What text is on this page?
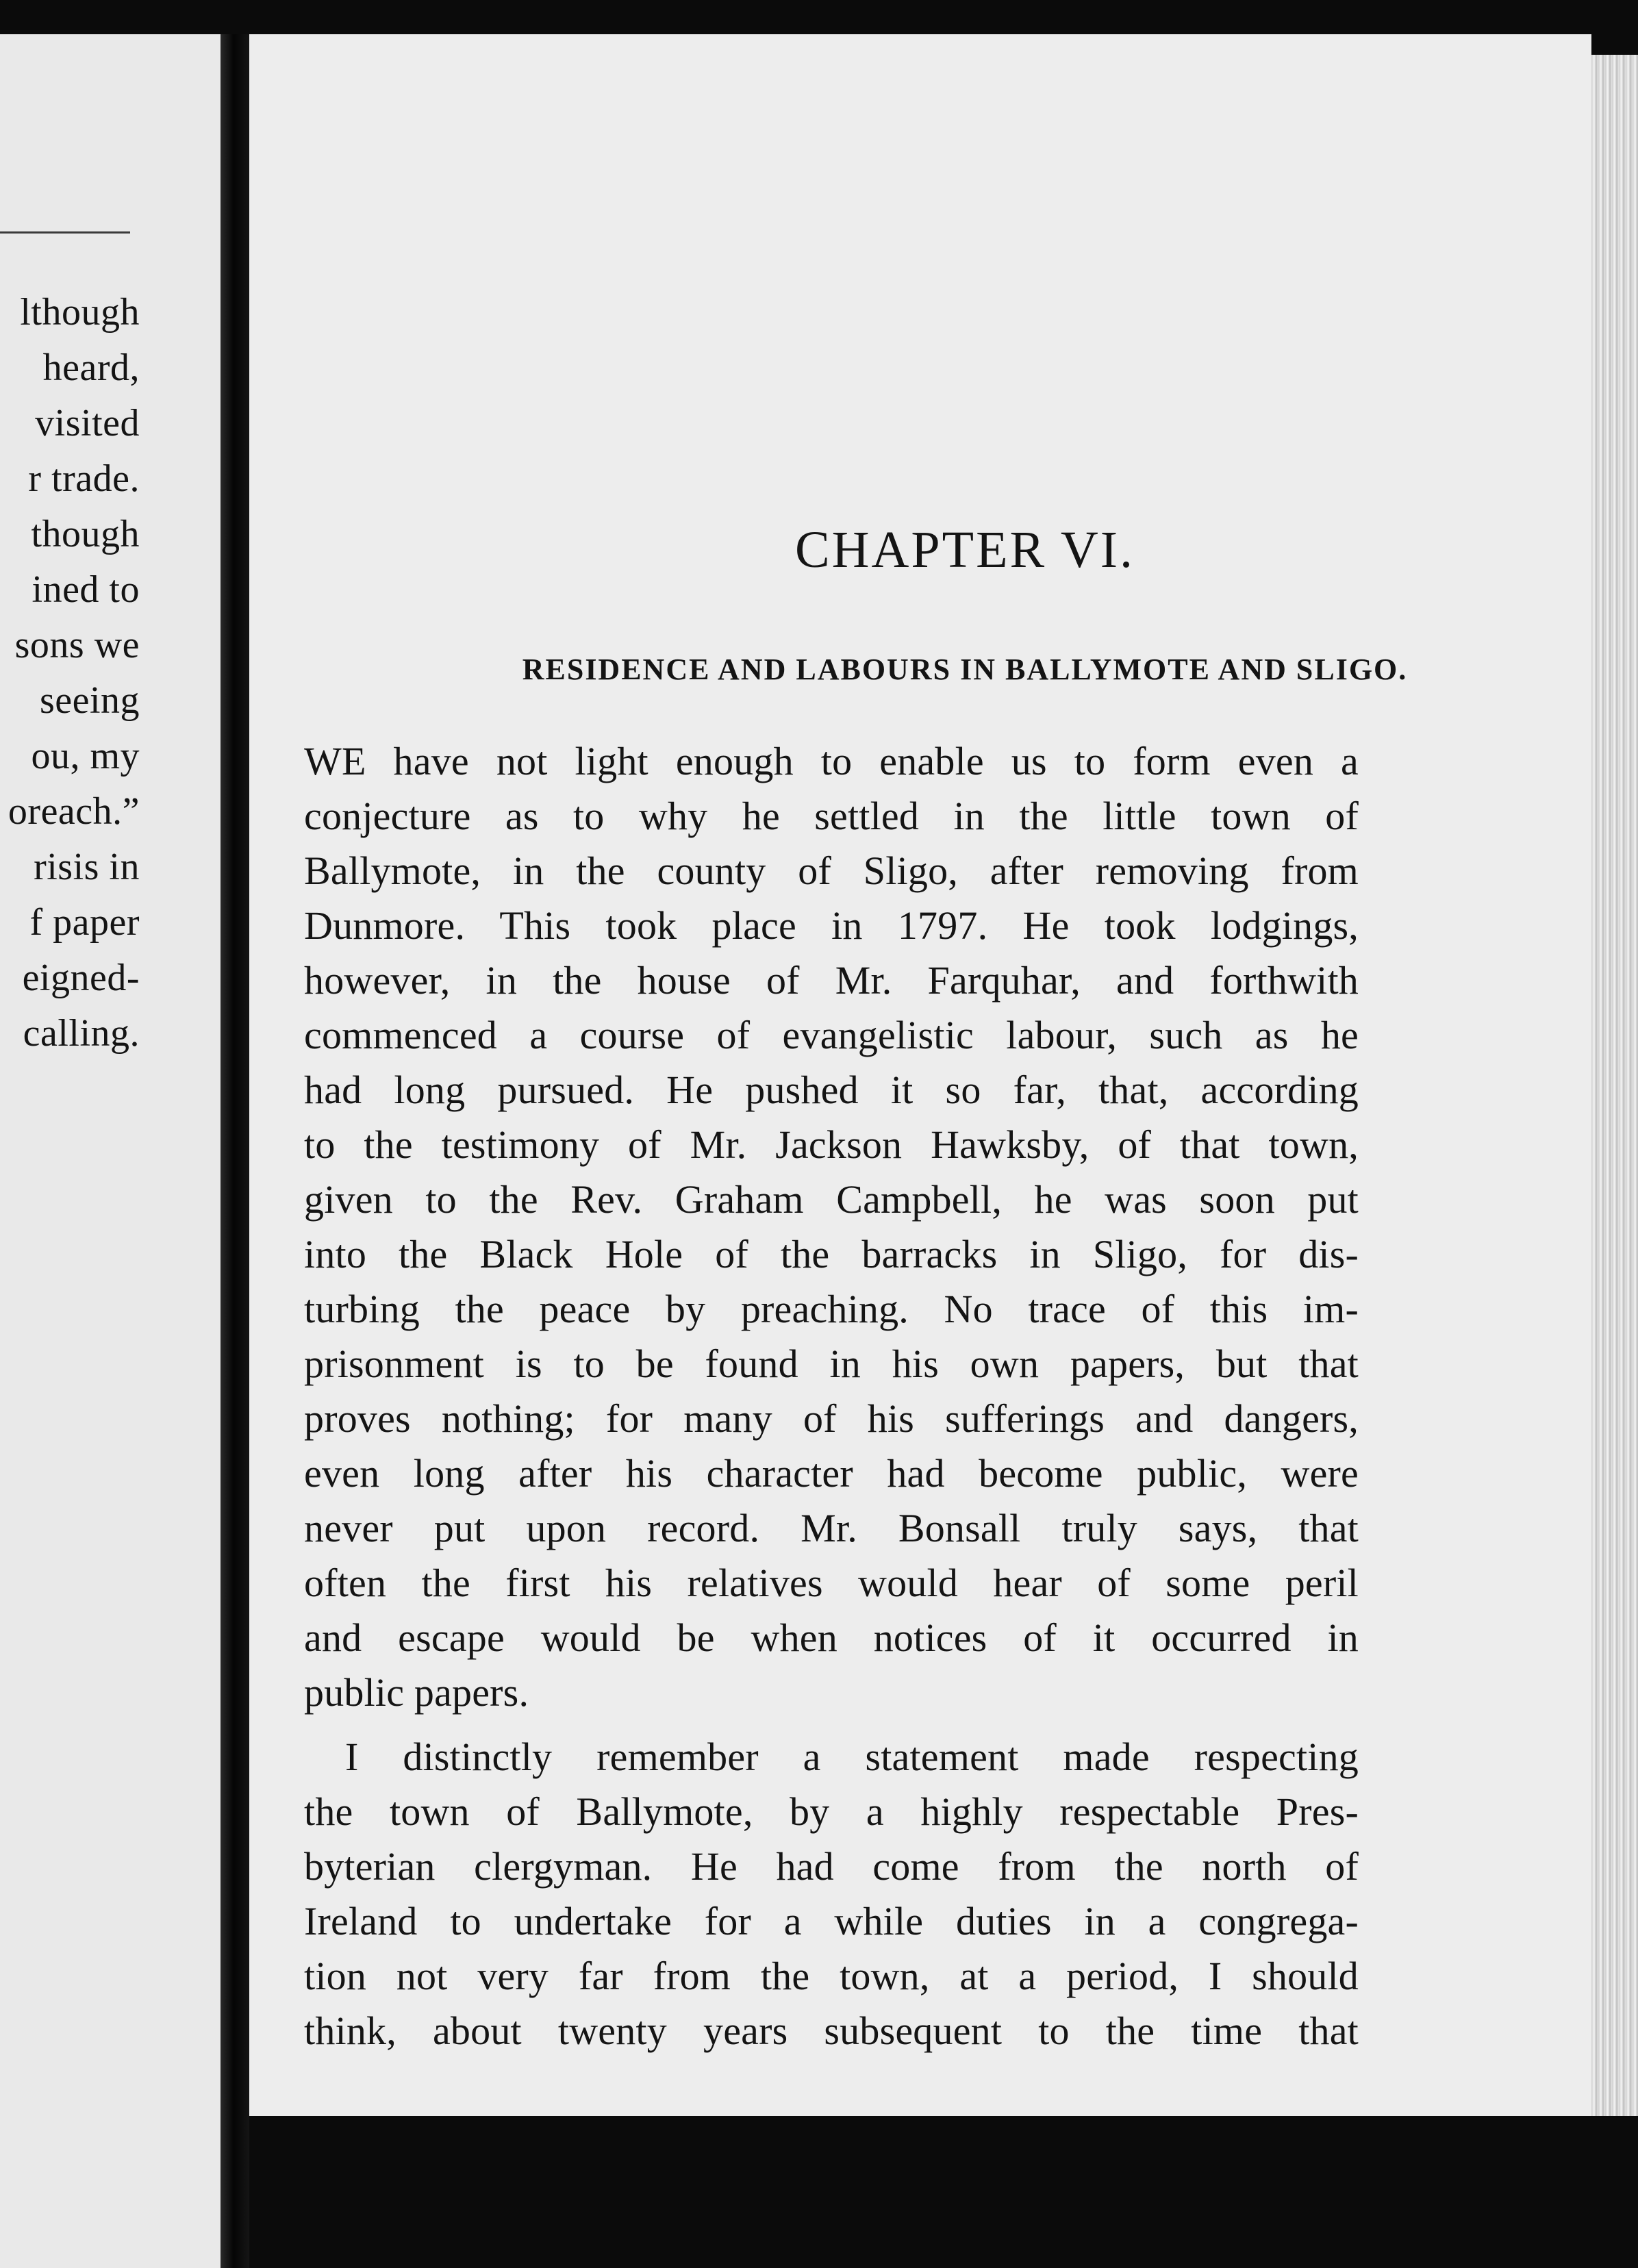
lthough
heard,
visited
r trade.
though
ined to
sons we
seeing
ou, my
oreach.”
risis in
f paper
eigned-
calling.
CHAPTER VI.
RESIDENCE AND LABOURS IN BALLYMOTE AND SLIGO.
WE have not light enough to enable us to form even a
conjecture as to why he settled in the little town of
Ballymote, in the county of Sligo, after removing from
Dunmore. This took place in 1797. He took lodgings,
however, in the house of Mr. Farquhar, and forthwith
commenced a course of evangelistic labour, such as he
had long pursued. He pushed it so far, that, according
to the testimony of Mr. Jackson Hawksby, of that town,
given to the Rev. Graham Campbell, he was soon put
into the Black Hole of the barracks in Sligo, for dis-
turbing the peace by preaching. No trace of this im-
prisonment is to be found in his own papers, but that
proves nothing; for many of his sufferings and dangers,
even long after his character had become public, were
never put upon record. Mr. Bonsall truly says, that
often the first his relatives would hear of some peril
and escape would be when notices of it occurred in
public papers.
I distinctly remember a statement made respecting
the town of Ballymote, by a highly respectable Pres-
byterian clergyman. He had come from the north of
Ireland to undertake for a while duties in a congrega-
tion not very far from the town, at a period, I should
think, about twenty years subsequent to the time that
